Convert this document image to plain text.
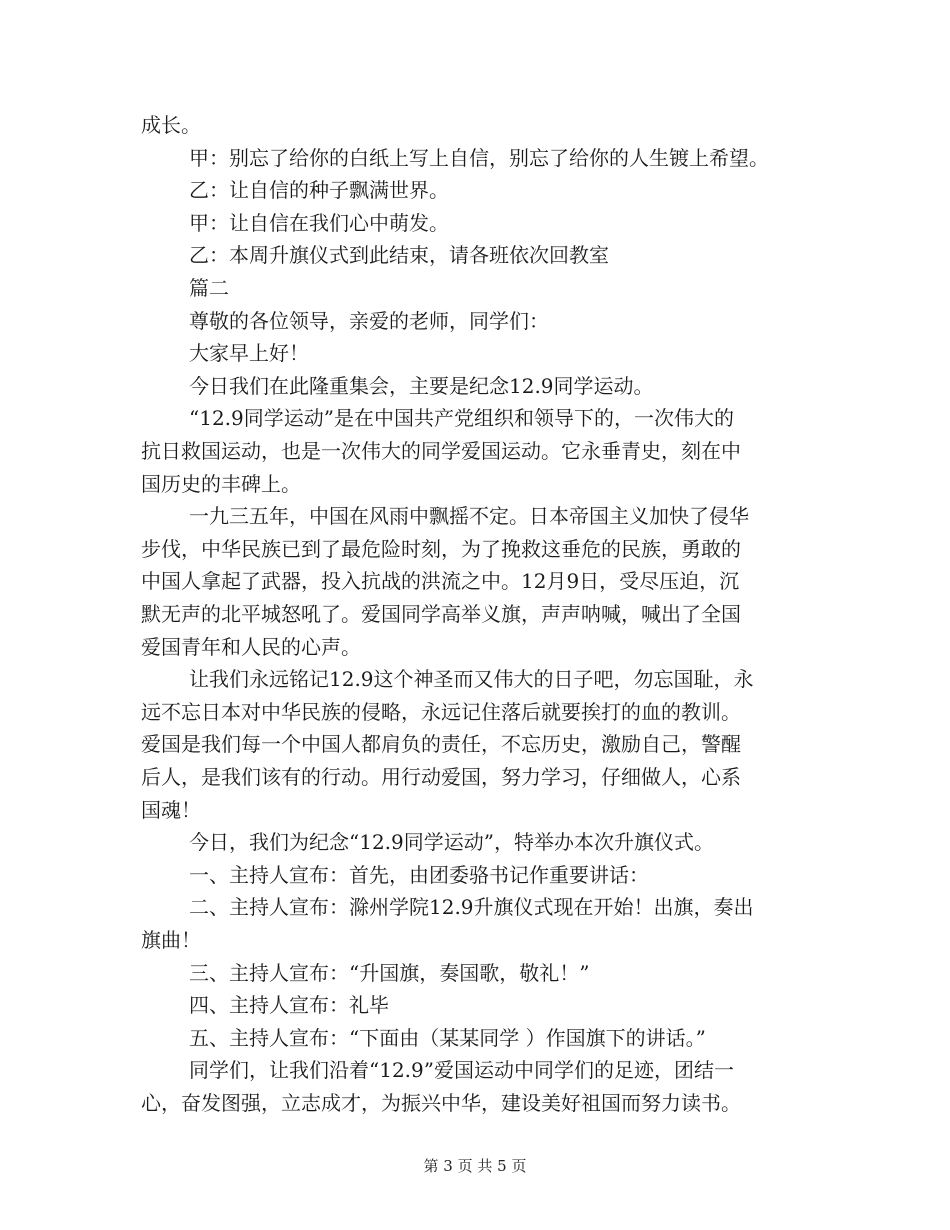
成长。
甲：别忘了给你的白纸上写上自信，别忘了给你的人生镀上希望。
乙：让自信的种子飘满世界。
甲：让自信在我们心中萌发。
乙：本周升旗仪式到此结束，请各班依次回教室
篇二
尊敬的各位领导，亲爱的老师，同学们：
大家早上好！
今日我们在此隆重集会，主要是纪念12.9同学运动。
“12.9同学运动”是在中国共产党组织和领导下的，一次伟大的
抗日救国运动，也是一次伟大的同学爱国运动。它永垂青史，刻在中
国历史的丰碑上。
一九三五年，中国在风雨中飘摇不定。日本帝国主义加快了侵华
步伐，中华民族已到了最危险时刻，为了挽救这垂危的民族，勇敢的
中国人拿起了武器，投入抗战的洪流之中。12月9日，受尽压迫，沉
默无声的北平城怒吼了。爱国同学高举义旗，声声呐喊，喊出了全国
爱国青年和人民的心声。
让我们永远铭记12.9这个神圣而又伟大的日子吧，勿忘国耻，永
远不忘日本对中华民族的侵略，永远记住落后就要挨打的血的教训。
爱国是我们每一个中国人都肩负的责任，不忘历史，激励自己，警醒
后人，是我们该有的行动。用行动爱国，努力学习，仔细做人，心系
国魂！
今日，我们为纪念“12.9同学运动”，特举办本次升旗仪式。
一、主持人宣布：首先，由团委骆书记作重要讲话：
二、主持人宣布：滁州学院12.9升旗仪式现在开始！出旗，奏出
旗曲！
三、主持人宣布：“升国旗，奏国歌，敬礼！”
四、主持人宣布：礼毕
五、主持人宣布：“下面由（某某同学 ）作国旗下的讲话。”
同学们，让我们沿着“12.9”爱国运动中同学们的足迹，团结一
心，奋发图强，立志成才，为振兴中华，建设美好祖国而努力读书。
第 3 页 共 5 页
